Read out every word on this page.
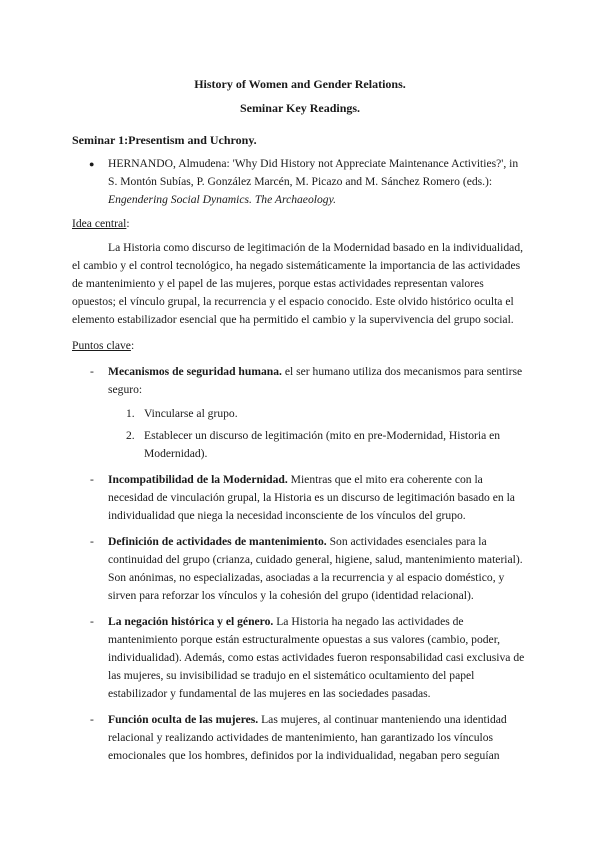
History of Women and Gender Relations.

Seminar Key Readings.

Seminar 1:Presentism and Uchrony.

● HERNANDO, Almudena: 'Why Did History not Appreciate Maintenance Activities?', in S. Montón Subías, P. González Marcén, M. Picazo and M. Sánchez Romero (eds.): Engendering Social Dynamics. The Archaeology.
Idea central:

La Historia como discurso de legitimación de la Modernidad basado en la individualidad, el cambio y el control tecnológico, ha negado sistemáticamente la importancia de las actividades de mantenimiento y el papel de las mujeres, porque estas actividades representan valores opuestos; el vínculo grupal, la recurrencia y el espacio conocido. Este olvido histórico oculta el elemento estabilizador esencial que ha permitido el cambio y la supervivencia del grupo social.

Puntos clave:
- Mecanismos de seguridad humana. el ser humano utiliza dos mecanismos para sentirse seguro:
1. Vincularse al grupo.
2. Establecer un discurso de legitimación (mito en pre-Modernidad, Historia en Modernidad).
- Incompatibilidad de la Modernidad. Mientras que el mito era coherente con la necesidad de vinculación grupal, la Historia es un discurso de legitimación basado en la individualidad que niega la necesidad inconsciente de los vínculos del grupo.
- Definición de actividades de mantenimiento. Son actividades esenciales para la continuidad del grupo (crianza, cuidado general, higiene, salud, mantenimiento material). Son anónimas, no especializadas, asociadas a la recurrencia y al espacio doméstico, y sirven para reforzar los vínculos y la cohesión del grupo (identidad relacional).
- La negación histórica y el género. La Historia ha negado las actividades de mantenimiento porque están estructuralmente opuestas a sus valores (cambio, poder, individualidad). Además, como estas actividades fueron responsabilidad casi exclusiva de las mujeres, su invisibilidad se tradujo en el sistemático ocultamiento del papel estabilizador y fundamental de las mujeres en las sociedades pasadas.
- Función oculta de las mujeres. Las mujeres, al continuar manteniendo una identidad relacional y realizando actividades de mantenimiento, han garantizado los vínculos emocionales que los hombres, definidos por la individualidad, negaban pero seguían
